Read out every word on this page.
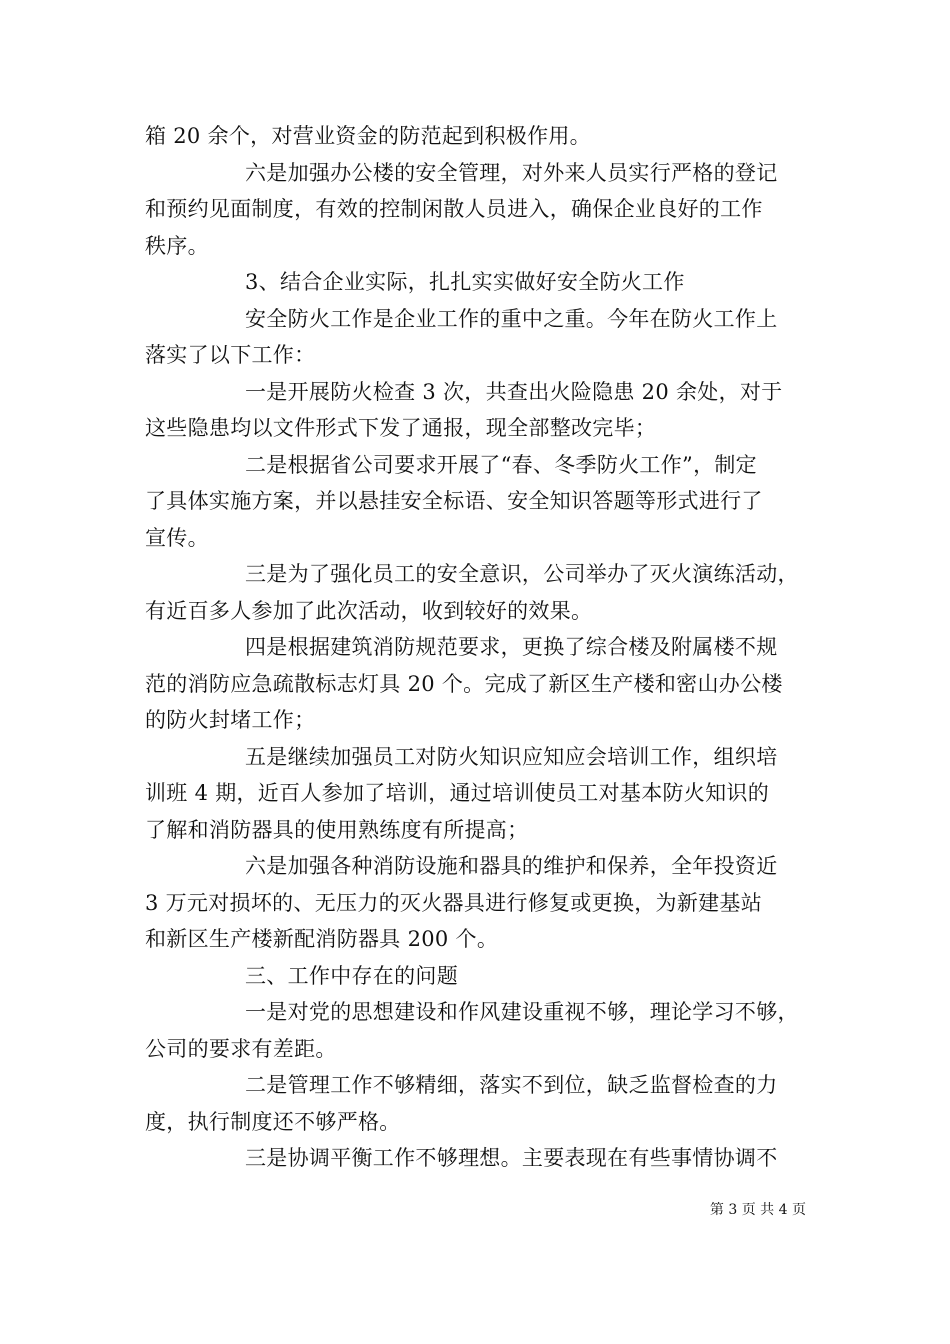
箱 20 余个，对营业资金的防范起到积极作用。
六是加强办公楼的安全管理，对外来人员实行严格的登记
和预约见面制度，有效的控制闲散人员进入，确保企业良好的工作
秩序。
3、结合企业实际，扎扎实实做好安全防火工作
安全防火工作是企业工作的重中之重。今年在防火工作上
落实了以下工作：
一是开展防火检查 3 次，共查出火险隐患 20 余处，对于
这些隐患均以文件形式下发了通报，现全部整改完毕；
二是根据省公司要求开展了“春、冬季防火工作”，制定
了具体实施方案，并以悬挂安全标语、安全知识答题等形式进行了
宣传。
三是为了强化员工的安全意识，公司举办了灭火演练活动，
有近百多人参加了此次活动，收到较好的效果。
四是根据建筑消防规范要求，更换了综合楼及附属楼不规
范的消防应急疏散标志灯具 20 个。完成了新区生产楼和密山办公楼
的防火封堵工作；
五是继续加强员工对防火知识应知应会培训工作，组织培
训班 4 期，近百人参加了培训，通过培训使员工对基本防火知识的
了解和消防器具的使用熟练度有所提高；
六是加强各种消防设施和器具的维护和保养，全年投资近
3 万元对损坏的、无压力的灭火器具进行修复或更换，为新建基站
和新区生产楼新配消防器具 200 个。
三、工作中存在的问题
一是对党的思想建设和作风建设重视不够，理论学习不够，
公司的要求有差距。
二是管理工作不够精细，落实不到位，缺乏监督检查的力
度，执行制度还不够严格。
三是协调平衡工作不够理想。主要表现在有些事情协调不
第 3 页 共 4 页
